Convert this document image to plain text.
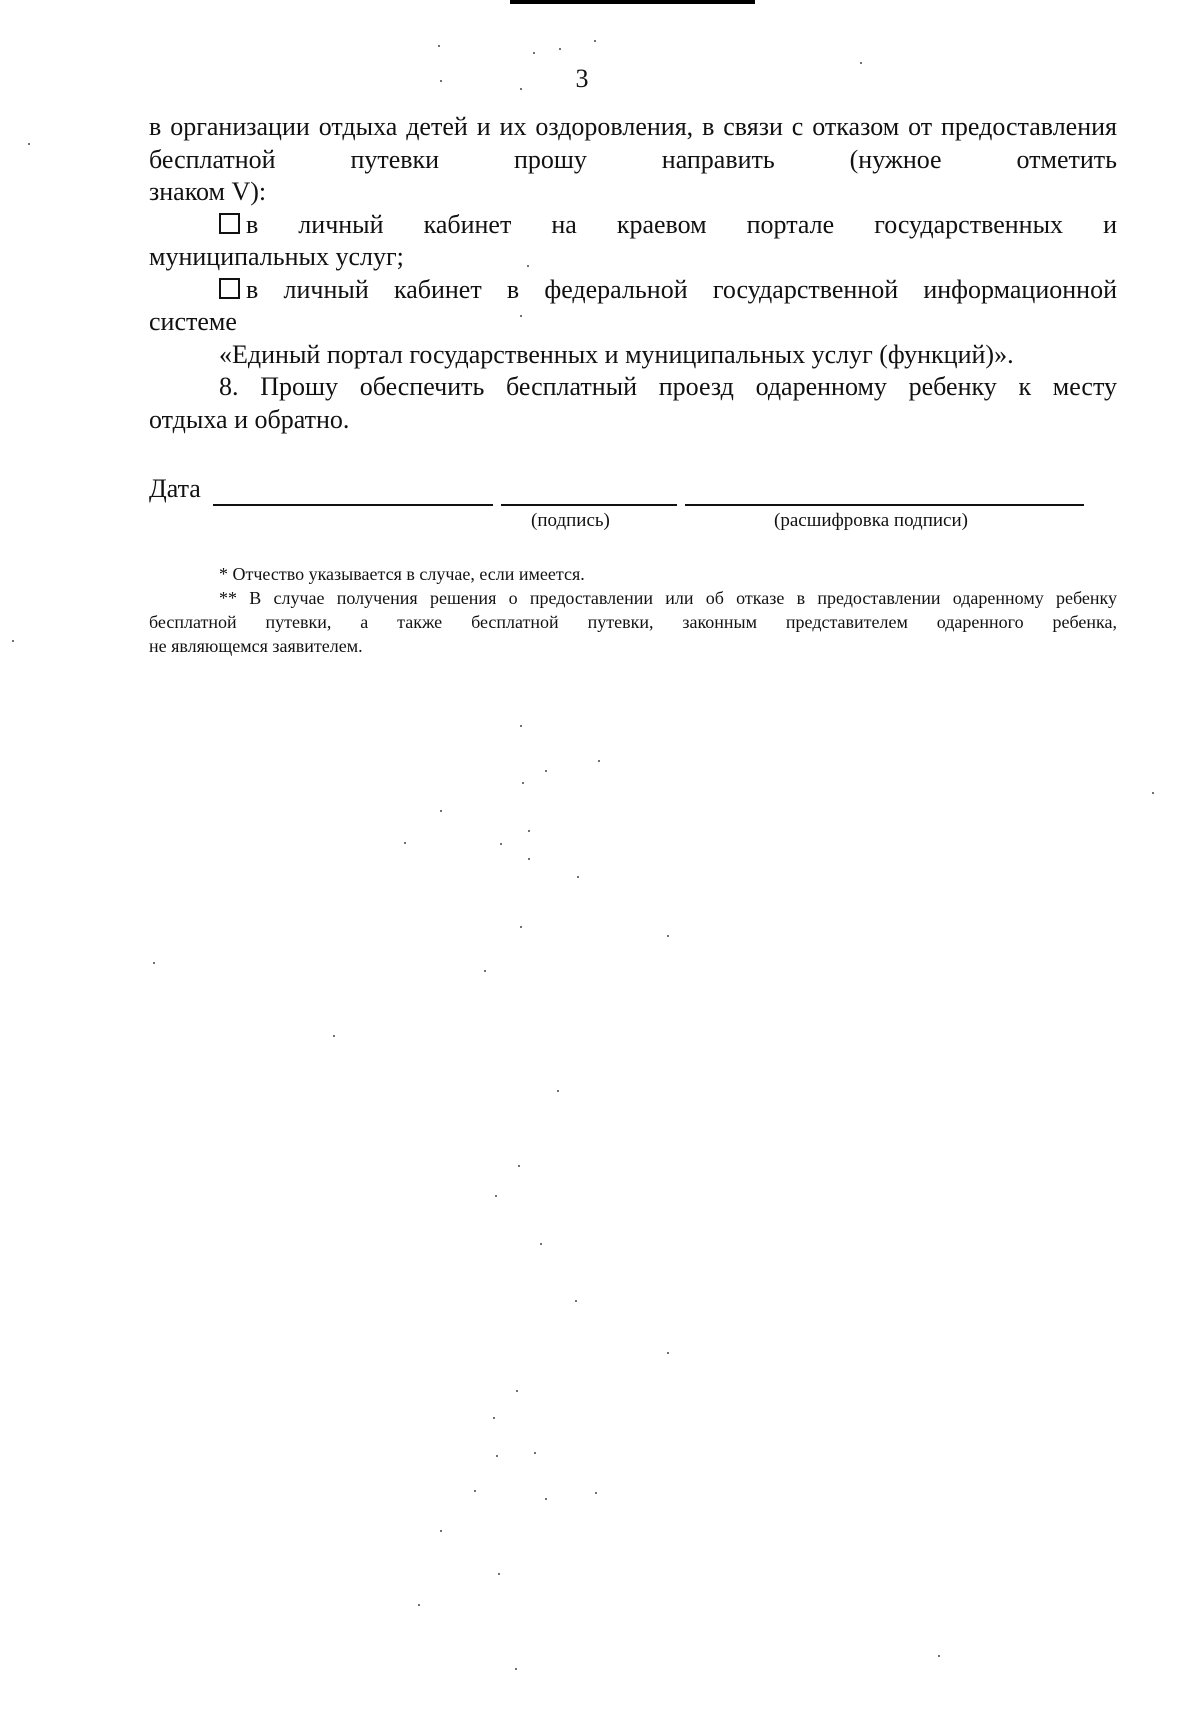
3

в организации отдыха детей и их оздоровления, в связи с отказом от предоставления бесплатной путевки прошу направить (нужное отметить

знаком V):

в личный кабинет на краевом портале государственных и

муниципальных услуг;

в личный кабинет в федеральной государственной информационной

системе

«Единый портал государственных и муниципальных услуг (функций)».

8. Прошу обеспечить бесплатный проезд одаренному ребенку к месту

отдыха и обратно.

Дата
(подпись)	(расшифровка подписи)

* Отчество указывается в случае, если имеется.

** В случае получения решения о предоставлении или об отказе в предоставлении одаренному ребенку

бесплатной путевки, а также бесплатной путевки, законным представителем одаренного ребенка,

не являющемся заявителем.
